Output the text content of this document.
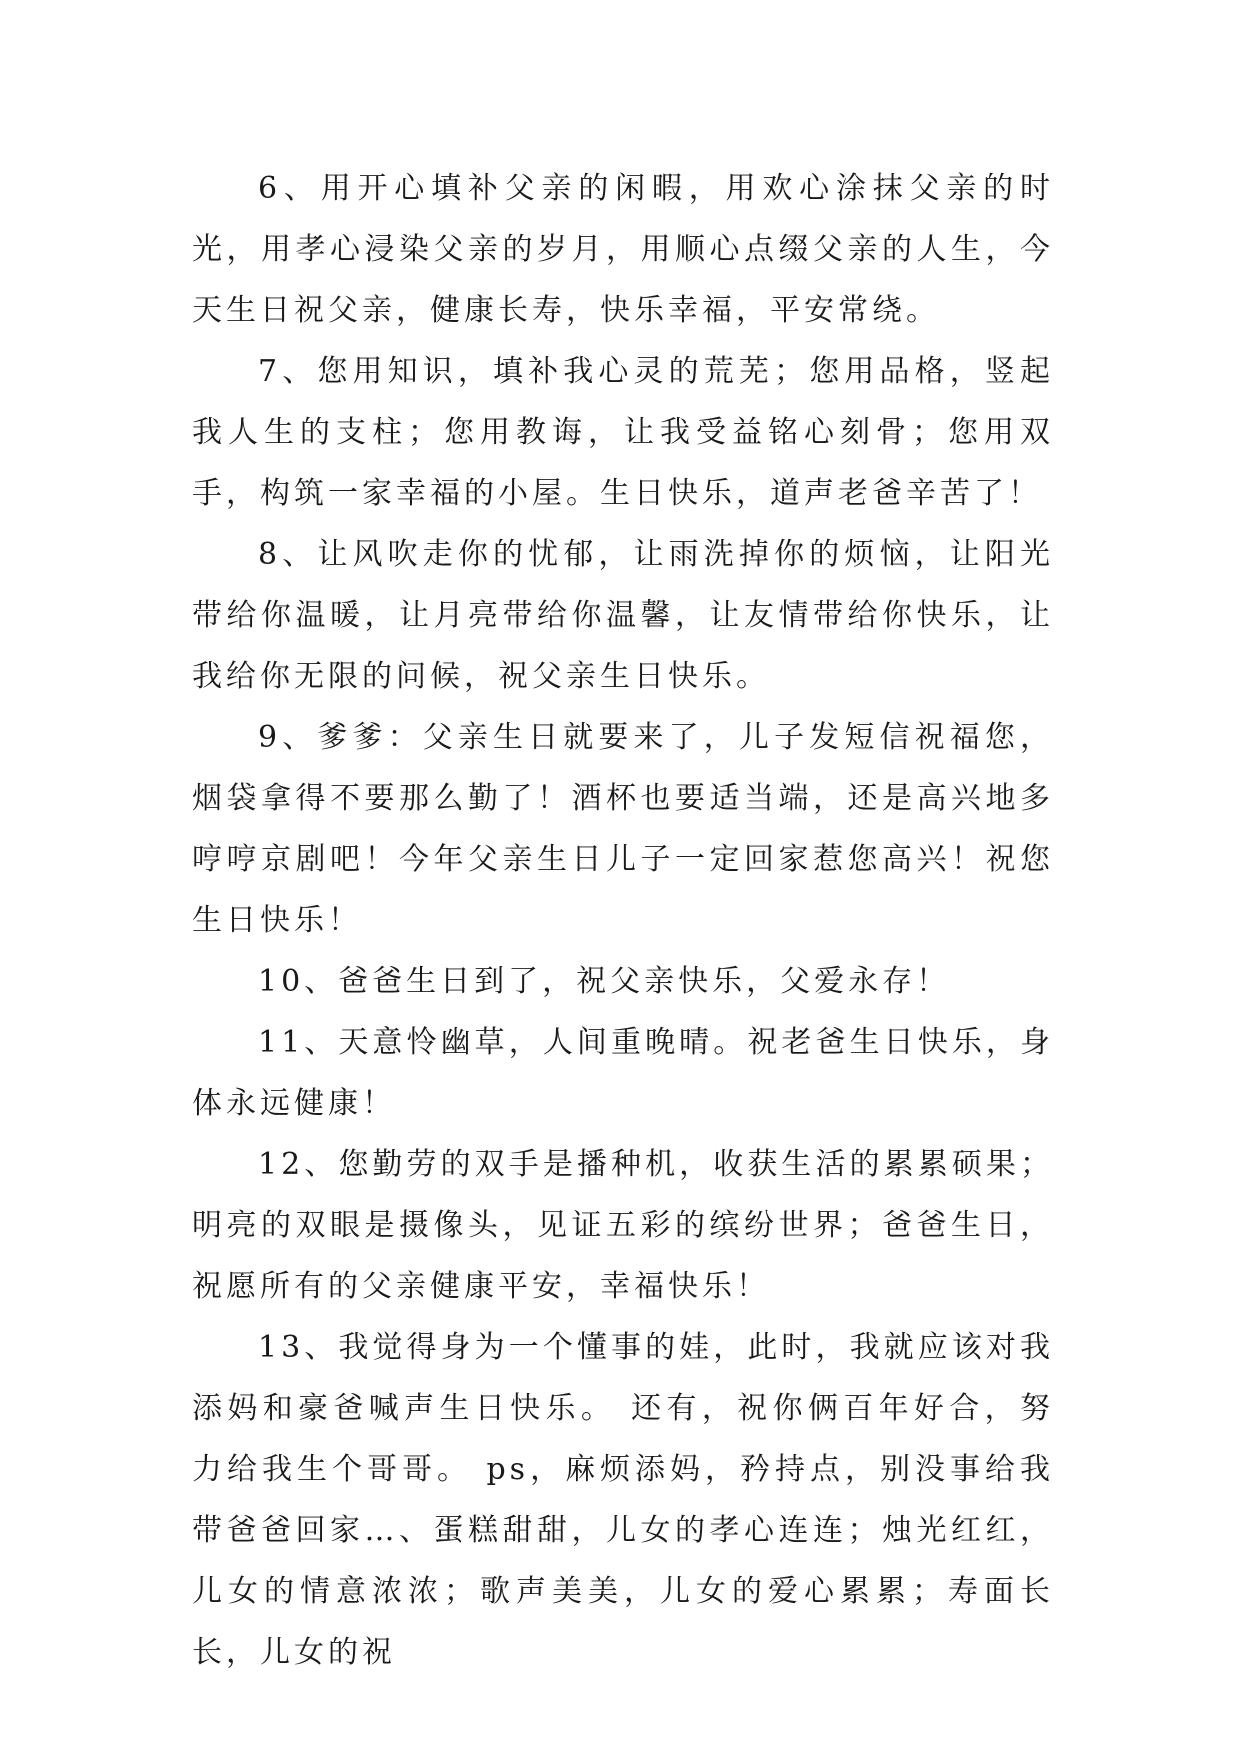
6、用开心填补父亲的闲暇，用欢心涂抹父亲的时光，用孝心浸染父亲的岁月，用顺心点缀父亲的人生，今天生日祝父亲，健康长寿，快乐幸福，平安常绕。

7、您用知识，填补我心灵的荒芜；您用品格，竖起我人生的支柱；您用教诲，让我受益铭心刻骨；您用双手，构筑一家幸福的小屋。生日快乐，道声老爸辛苦了！

8、让风吹走你的忧郁，让雨洗掉你的烦恼，让阳光带给你温暖，让月亮带给你温馨，让友情带给你快乐，让我给你无限的问候，祝父亲生日快乐。

9、爹爹：父亲生日就要来了，儿子发短信祝福您，烟袋拿得不要那么勤了！酒杯也要适当端，还是高兴地多哼哼京剧吧！今年父亲生日儿子一定回家惹您高兴！祝您生日快乐！

10、爸爸生日到了，祝父亲快乐，父爱永存！

11、天意怜幽草，人间重晚晴。祝老爸生日快乐，身体永远健康！

12、您勤劳的双手是播种机，收获生活的累累硕果；明亮的双眼是摄像头，见证五彩的缤纷世界；爸爸生日，祝愿所有的父亲健康平安，幸福快乐！

13、我觉得身为一个懂事的娃，此时，我就应该对我添妈和豪爸喊声生日快乐。 还有，祝你俩百年好合，努力给我生个哥哥。 ps，麻烦添妈，矜持点，别没事给我带爸爸回家…、蛋糕甜甜，儿女的孝心连连；烛光红红，儿女的情意浓浓；歌声美美，儿女的爱心累累；寿面长长，儿女的祝
